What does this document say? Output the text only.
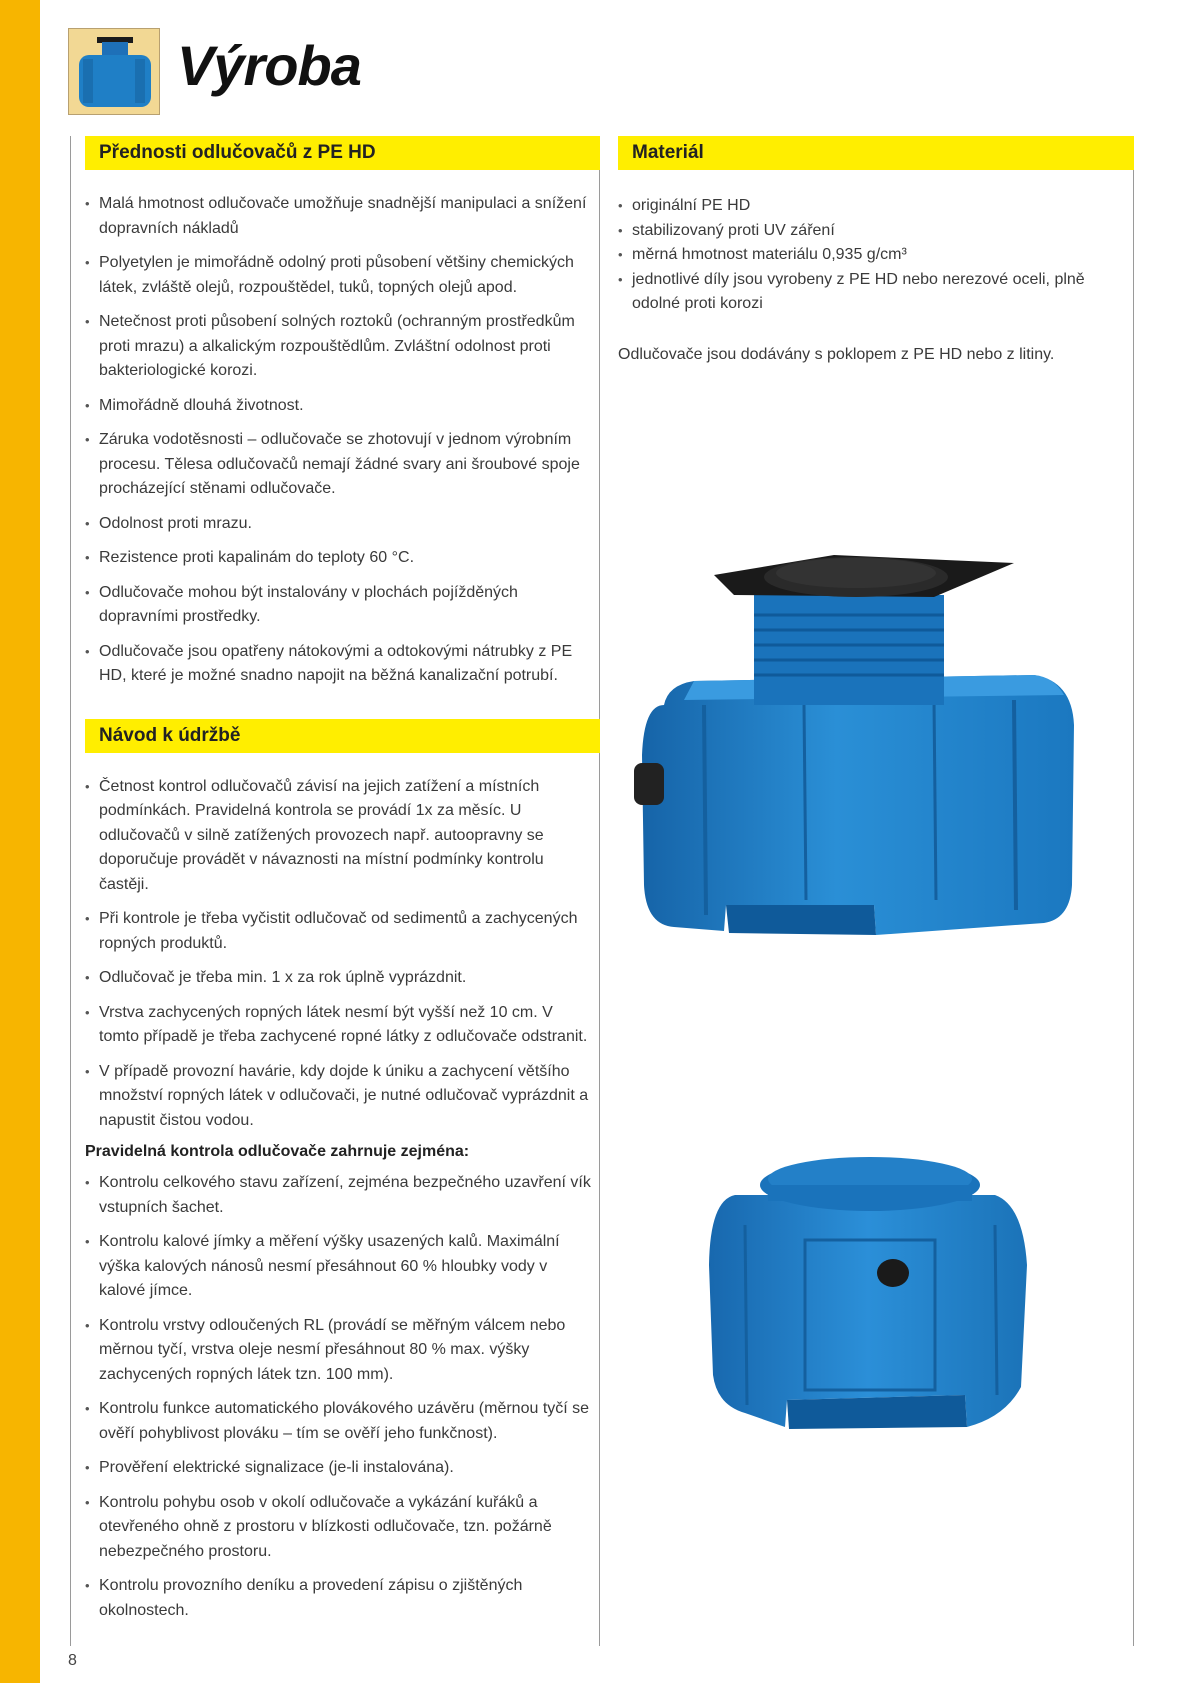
Výroba
Přednosti odlučovačů z PE HD
• Malá hmotnost odlučovače umožňuje snadnější manipulaci a snížení dopravních nákladů
• Polyetylen je mimořádně odolný proti působení většiny chemických látek, zvláště olejů, rozpouštědel, tuků, topných olejů apod.
• Netečnost proti působení solných roztoků (ochranným prostředkům proti mrazu) a alkalickým rozpouštědlům. Zvláštní odolnost proti bakteriologické korozi.
• Mimořádně dlouhá životnost.
• Záruka vodotěsnosti – odlučovače se zhotovují v jednom výrobním procesu. Tělesa odlučovačů nemají žádné svary ani šroubové spoje procházející stěnami odlučovače.
• Odolnost proti mrazu.
• Rezistence proti kapalinám do teploty 60 °C.
• Odlučovače mohou být instalovány v plochách pojížděných dopravními prostředky.
• Odlučovače jsou opatřeny nátokovými a odtokovými nátrubky z PE HD, které je možné snadno napojit na běžná kanalizační potrubí.
Návod k údržbě
• Četnost kontrol odlučovačů závisí na jejich zatížení a místních podmínkách. Pravidelná kontrola se provádí 1x za měsíc. U odlučovačů v silně zatížených provozech např. autoopravny se doporučuje provádět v návaznosti na místní podmínky kontrolu častěji.
• Při kontrole je třeba vyčistit odlučovač od sedimentů a zachycených ropných produktů.
• Odlučovač je třeba min. 1 x za rok úplně vyprázdnit.
• Vrstva zachycených ropných látek nesmí být vyšší než 10 cm. V tomto případě je třeba zachycené ropné látky z odlučovače odstranit.
• V případě provozní havárie, kdy dojde k úniku a zachycení většího množství ropných látek v odlučovači, je nutné odlučovač vyprázdnit a napustit čistou vodou.
Pravidelná kontrola odlučovače zahrnuje zejména:
• Kontrolu celkového stavu zařízení, zejména bezpečného uzavření vík vstupních šachet.
• Kontrolu kalové jímky a měření výšky usazených kalů. Maximální výška kalových nánosů nesmí přesáhnout 60 % hloubky vody v kalové jímce.
• Kontrolu vrstvy odloučených RL (provádí se měřným válcem nebo měrnou tyčí, vrstva oleje nesmí přesáhnout 80 % max. výšky zachycených ropných látek tzn. 100 mm).
• Kontrolu funkce automatického plovákového uzávěru (měrnou tyčí se ověří pohyblivost plováku – tím se ověří jeho funkčnost).
• Prověření elektrické signalizace (je-li instalována).
• Kontrolu pohybu osob v okolí odlučovače a vykázání kuřáků a otevřeného ohně z prostoru v blízkosti odlučovače, tzn. požárně nebezpečného prostoru.
• Kontrolu provozního deníku a provedení zápisu o zjištěných okolnostech.
Materiál
• originální PE HD
• stabilizovaný proti UV záření
• měrná hmotnost materiálu 0,935 g/cm³
• jednotlivé díly jsou vyrobeny z PE HD nebo nerezové oceli, plně odolné proti korozi

Odlučovače jsou dodávány s poklopem z PE HD nebo z litiny.

8
